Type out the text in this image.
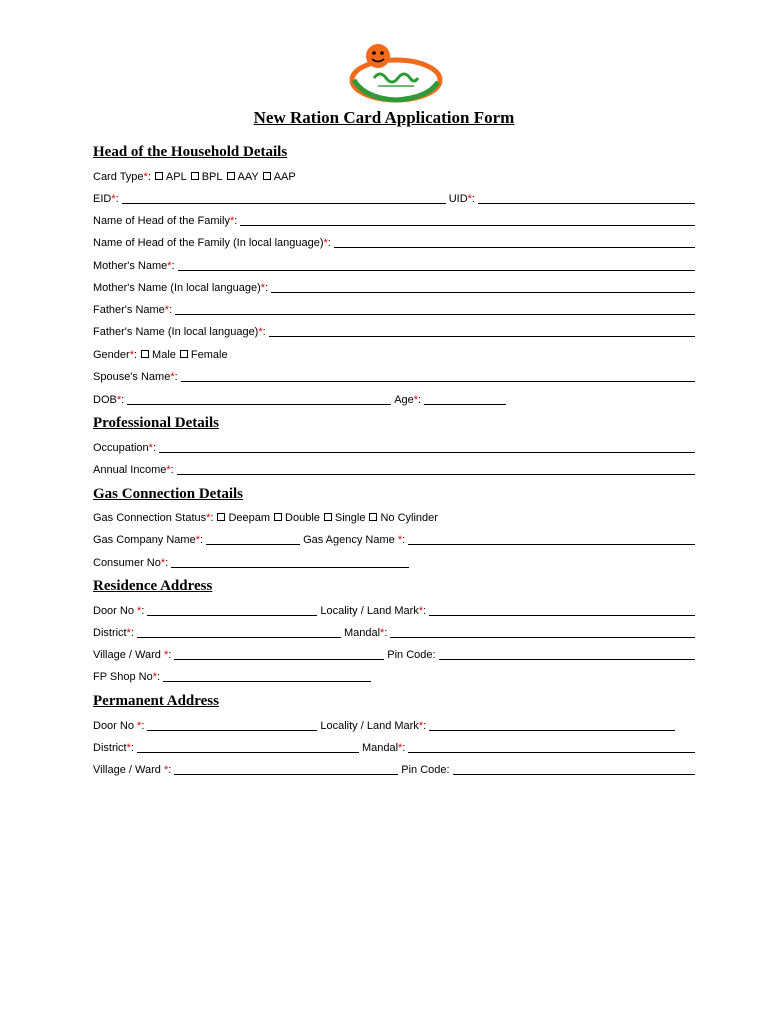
New Ration Card Application Form
Head of the Household Details
Card Type*: APL BPL AAY AAP
EID*:	UID*:
Name of Head of the Family*:
Name of Head of the Family (In local language)*:
Mother's Name*:
Mother's Name (In local language)*:
Father's Name*:
Father's Name (In local language)*:
Gender*: Male Female
Spouse's Name*:
DOB*:	Age*:
Professional Details
Occupation*:
Annual Income*:
Gas Connection Details
Gas Connection Status*: Deepam Double Single No Cylinder
Gas Company Name*:	Gas Agency Name *:
Consumer No*:
Residence Address
Door No *:	Locality / Land Mark*:
District*:	Mandal*:
Village / Ward *:	Pin Code:
FP Shop No*:
Permanent Address
Door No *:	Locality / Land Mark*:
District*:	Mandal*:
Village / Ward *:	Pin Code:
